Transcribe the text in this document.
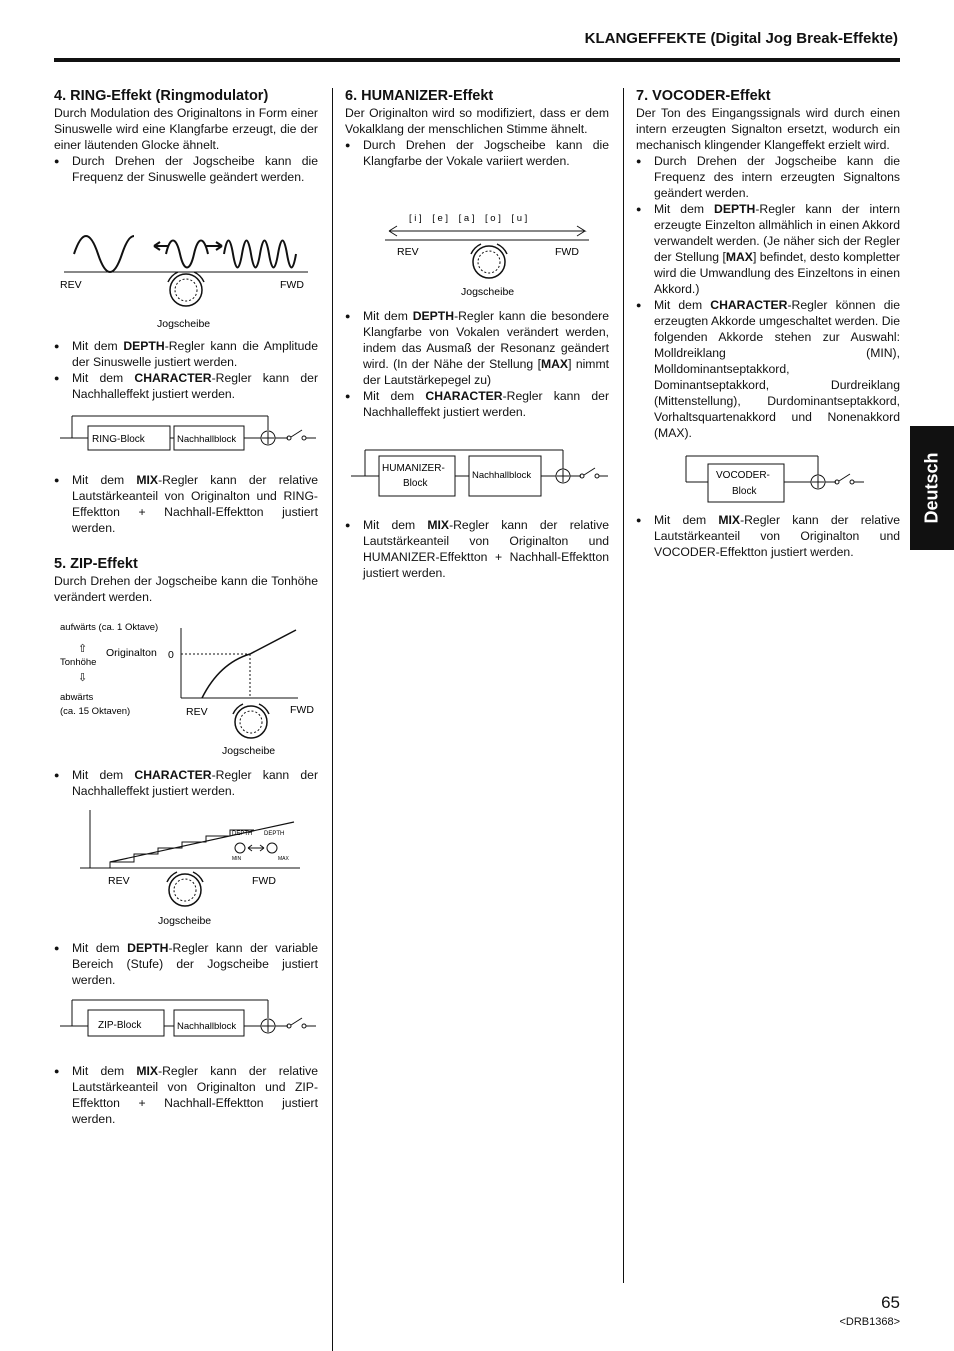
KLANGEFFEKTE (Digital Jog Break-Effekte)
Deutsch
4. RING-Effekt (Ringmodulator)

Durch Modulation des Originaltons in Form einer Sinuswelle wird eine Klangfarbe erzeugt, die der einer läutenden Glocke ähnelt.

● Durch Drehen der Jogscheibe kann die Frequenz der Sinuswelle geändert werden.
REV	FWD
Jogscheibe
● Mit dem DEPTH-Regler kann die Amplitude der Sinuswelle justiert werden.
● Mit dem CHARACTER-Regler kann der Nachhalleffekt justiert werden.
RING-Block	Nachhallblock
● Mit dem MIX-Regler kann der relative Lautstärkeanteil von Originalton und RING-Effektton + Nachhall-Effektton justiert werden.
5. ZIP-Effekt

Durch Drehen der Jogscheibe kann die Tonhöhe verändert werden.

aufwärts (ca. 1 Oktave)
⇧
Tonhöhe
⇩
abwärts
(ca. 15 Oktaven)
Originalton 0
REV	FWD
Jogscheibe
● Mit dem CHARACTER-Regler kann der Nachhalleffekt justiert werden.
DEPTH DEPTH
MIN	MAX
REV	FWD
Jogscheibe
● Mit dem DEPTH-Regler kann der variable Bereich (Stufe) der Jogscheibe justiert werden.
ZIP-Block	Nachhallblock
● Mit dem MIX-Regler kann der relative Lautstärkeanteil von Originalton und ZIP-Effektton + Nachhall-Effektton justiert werden.
6. HUMANIZER-Effekt

Der Originalton wird so modifiziert, dass er dem Vokalklang der menschlichen Stimme ähnelt.

● Durch Drehen der Jogscheibe kann die Klangfarbe der Vokale variiert werden.
[ i ]    [ e ]    [ a ]    [ o ]    [ u ]
REV	FWD
Jogscheibe
● Mit dem DEPTH-Regler kann die besondere Klangfarbe von Vokalen verändert werden, indem das Ausmaß der Resonanz geändert wird. (In der Nähe der Stellung [MAX] nimmt der Lautstärkepegel zu)
● Mit dem CHARACTER-Regler kann der Nachhalleffekt justiert werden.
HUMANIZER-
Block
Nachhallblock
● Mit dem MIX-Regler kann der relative Lautstärkeanteil von Originalton und HUMANIZER-Effektton + Nachhall-Effektton justiert werden.
7. VOCODER-Effekt

Der Ton des Eingangssignals wird durch einen intern erzeugten Signalton ersetzt, wodurch ein mechanisch klingender Klangeffekt erzielt wird.

● Durch Drehen der Jogscheibe kann die Frequenz des intern erzeugten Signaltons geändert werden.
● Mit dem DEPTH-Regler kann der intern erzeugte Einzelton allmählich in einen Akkord verwandelt werden. (Je näher sich der Regler der Stellung [MAX] befindet, desto kompletter wird die Umwandlung des Einzeltons in einen Akkord.)
● Mit dem CHARACTER-Regler können die erzeugten Akkorde umgeschaltet werden. Die folgenden Akkorde stehen zur Auswahl: Molldreiklang (MIN), Molldominantseptakkord, Dominantseptakkord, Durdreiklang (Mittenstellung), Durdominantseptakkord, Vorhaltsquartenakkord und Nonenakkord (MAX).
VOCODER-
Block
● Mit dem MIX-Regler kann der relative Lautstärkeanteil von Originalton und VOCODER-Effektton justiert werden.
65
<DRB1368>
